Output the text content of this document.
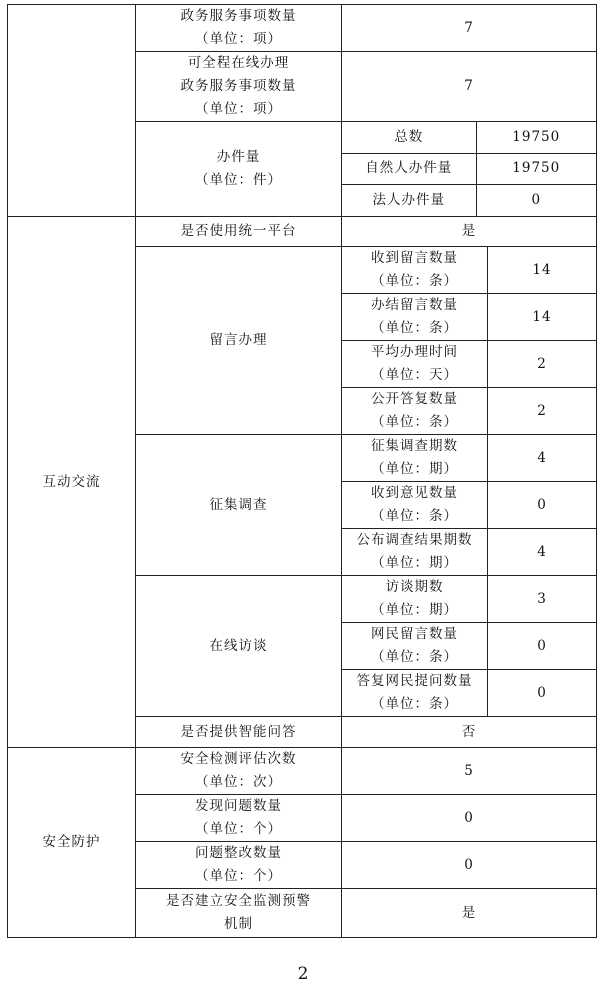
	政务服务事项数量
（单位：项）	7
可全程在线办理
政务服务事项数量
（单位：项）	7
办件量
（单位：件）	
总数	19750
自然人办件量	19750
法人办件量	0

互动交流	是否使用统一平台	是
留言办理	收到留言数量
（单位：条）	14
办结留言数量
（单位：条）	14
平均办理时间
（单位：天）	2
公开答复数量
（单位：条）	2
征集调查	征集调查期数
（单位：期）	4
收到意见数量
（单位：条）	0
公布调查结果期数
（单位：期）	4
在线访谈	访谈期数
（单位：期）	3
网民留言数量
（单位：条）	0
答复网民提问数量
（单位：条）	0
是否提供智能问答	否
安全防护	安全检测评估次数
（单位：次）	5
发现问题数量
（单位：个）	0
问题整改数量
（单位：个）	0
是否建立安全监测预警
机制	是
2
